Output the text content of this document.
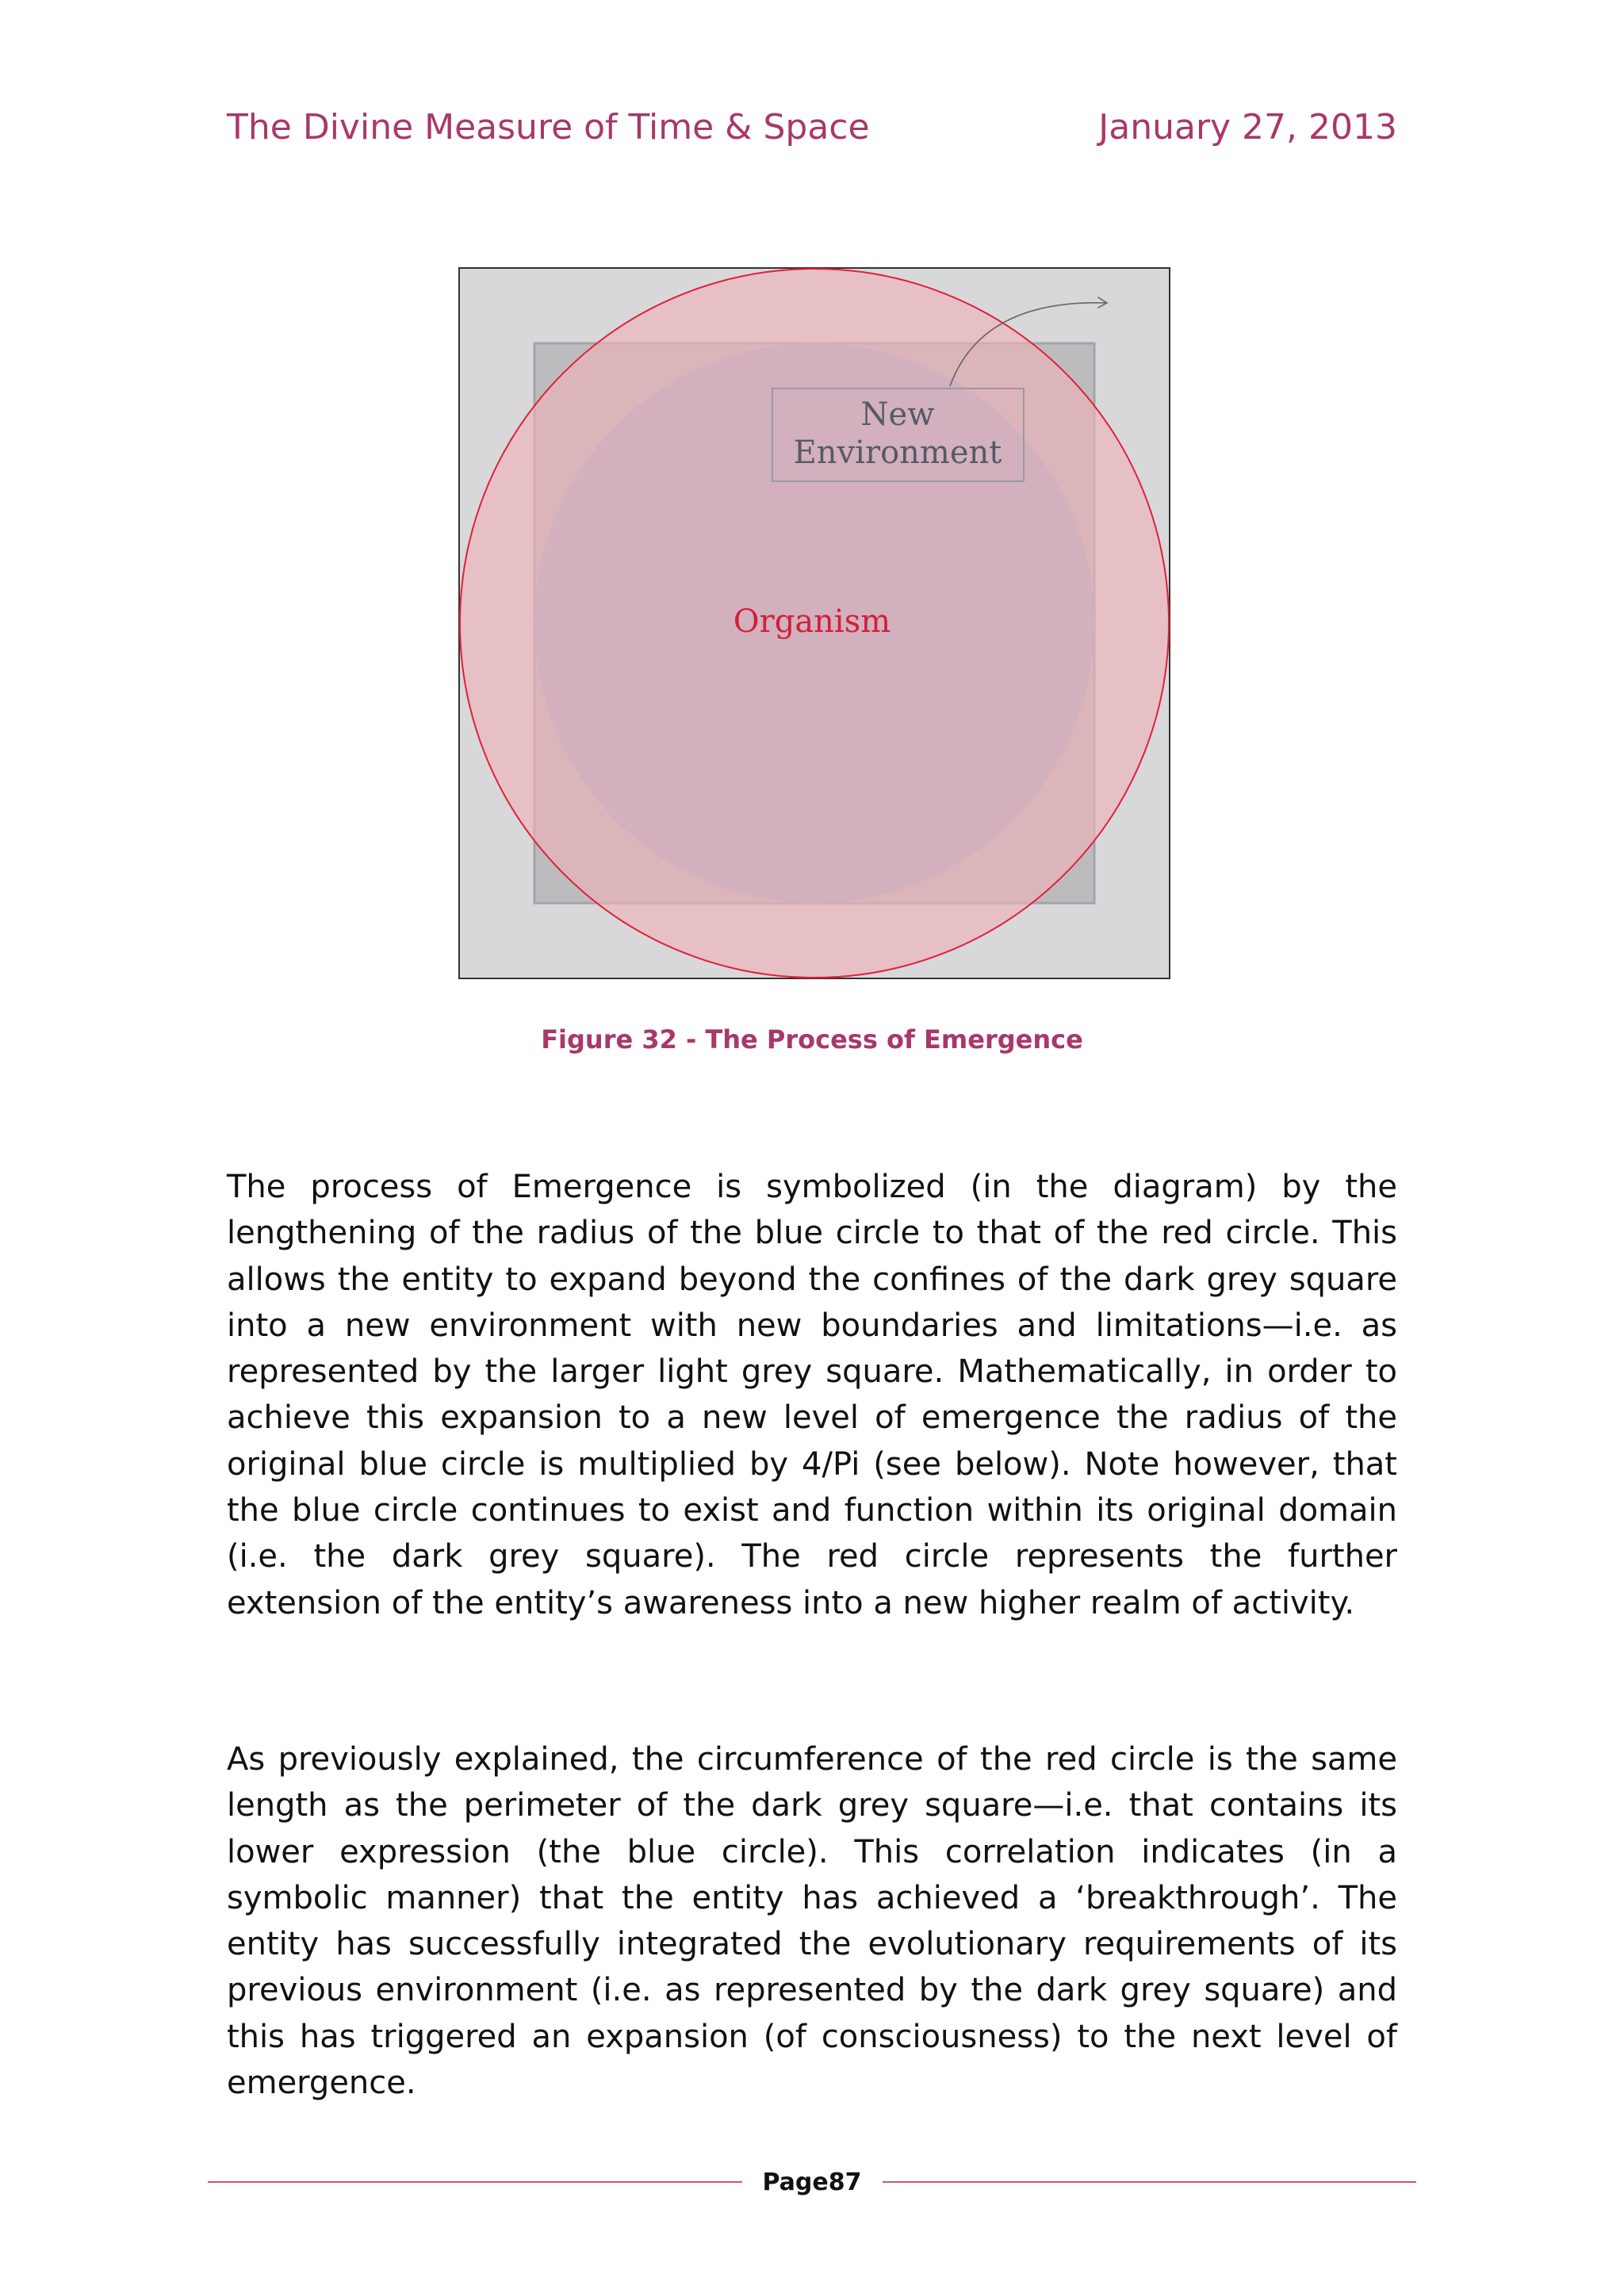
The Divine Measure of Time & Space	January 27, 2013
New
Environment
Organism
Figure 32 - The Process of Emergence

The process of Emergence is symbolized (in the diagram) by the lengthening of the radius of the blue circle to that of the red circle. This allows the entity to expand beyond the confines of the dark grey square into a new environment with new boundaries and limitations—i.e. as represented by the larger light grey square. Mathematically, in order to achieve this expansion to a new level of emergence the radius of the original blue circle is multiplied by 4/Pi (see below). Note however, that the blue circle continues to exist and function within its original domain (i.e. the dark grey square). The red circle represents the further extension of the entity’s awareness into a new higher realm of activity.

As previously explained, the circumference of the red circle is the same length as the perimeter of the dark grey square—i.e. that contains its lower expression (the blue circle). This correlation indicates (in a symbolic manner) that the entity has achieved a ‘breakthrough’. The entity has successfully integrated the evolutionary requirements of its previous environment (i.e. as represented by the dark grey square) and this has triggered an expansion (of consciousness) to the next level of emergence.

Page87
